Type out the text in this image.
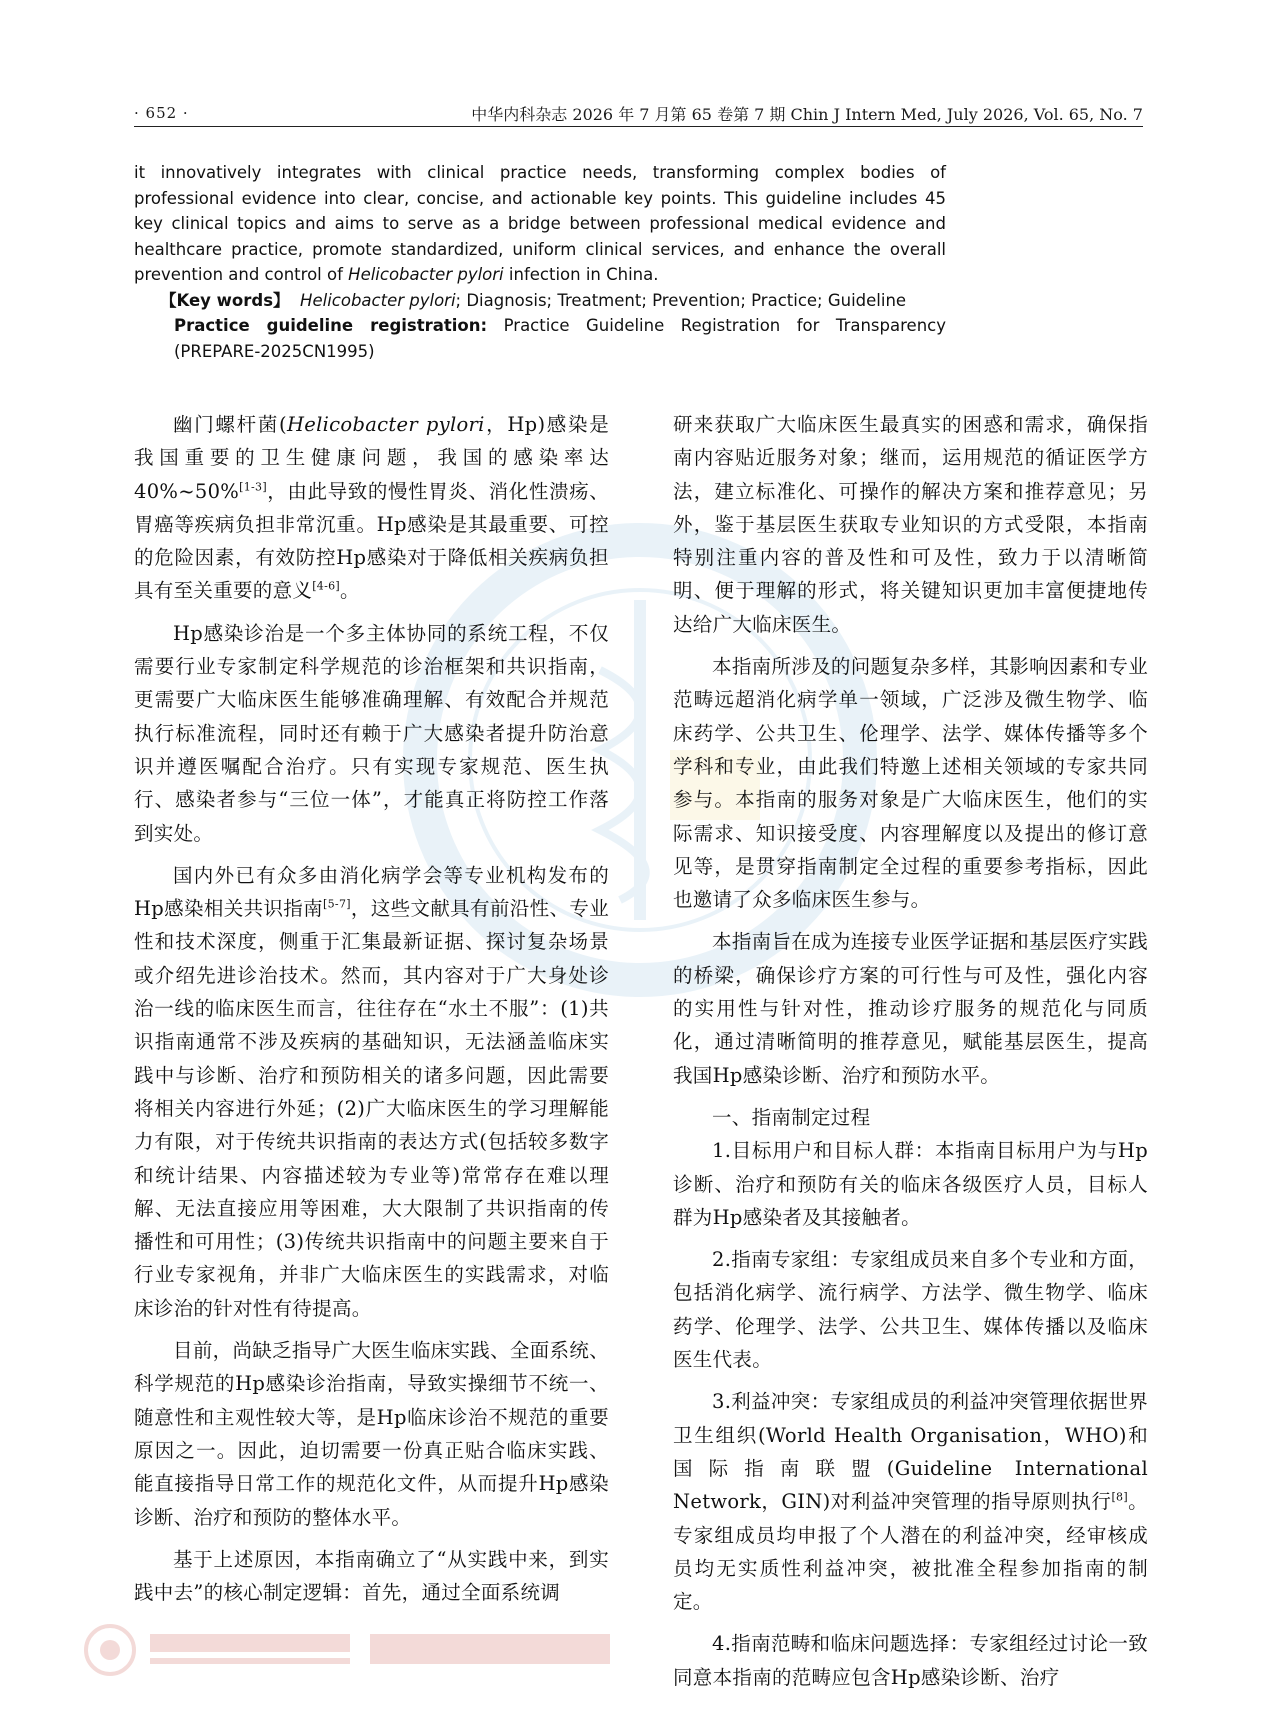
· 652 ·	中华内科杂志 2026 年 7 月第 65 卷第 7 期 Chin J Intern Med, July 2026, Vol. 65, No. 7

it innovatively integrates with clinical practice needs, transforming complex bodies of professional evidence into clear, concise, and actionable key points. This guideline includes 45 key clinical topics and aims to serve as a bridge between professional medical evidence and healthcare practice, promote standardized, uniform clinical services, and enhance the overall prevention and control of Helicobacter pylori infection in China.

【Key words】 Helicobacter pylori; Diagnosis; Treatment; Prevention; Practice; Guideline

Practice guideline registration: Practice Guideline Registration for Transparency (PREPARE-2025CN1995)

幽门螺杆菌(Helicobacter pylori，Hp)感染是我国重要的卫生健康问题，我国的感染率达40%~50%[1-3]，由此导致的慢性胃炎、消化性溃疡、胃癌等疾病负担非常沉重。Hp感染是其最重要、可控的危险因素，有效防控Hp感染对于降低相关疾病负担具有至关重要的意义[4-6]。

Hp感染诊治是一个多主体协同的系统工程，不仅需要行业专家制定科学规范的诊治框架和共识指南，更需要广大临床医生能够准确理解、有效配合并规范执行标准流程，同时还有赖于广大感染者提升防治意识并遵医嘱配合治疗。只有实现专家规范、医生执行、感染者参与“三位一体”，才能真正将防控工作落到实处。

国内外已有众多由消化病学会等专业机构发布的Hp感染相关共识指南[5-7]，这些文献具有前沿性、专业性和技术深度，侧重于汇集最新证据、探讨复杂场景或介绍先进诊治技术。然而，其内容对于广大身处诊治一线的临床医生而言，往往存在“水土不服”：(1)共识指南通常不涉及疾病的基础知识，无法涵盖临床实践中与诊断、治疗和预防相关的诸多问题，因此需要将相关内容进行外延；(2)广大临床医生的学习理解能力有限，对于传统共识指南的表达方式(包括较多数字和统计结果、内容描述较为专业等)常常存在难以理解、无法直接应用等困难，大大限制了共识指南的传播性和可用性；(3)传统共识指南中的问题主要来自于行业专家视角，并非广大临床医生的实践需求，对临床诊治的针对性有待提高。

目前，尚缺乏指导广大医生临床实践、全面系统、科学规范的Hp感染诊治指南，导致实操细节不统一、随意性和主观性较大等，是Hp临床诊治不规范的重要原因之一。因此，迫切需要一份真正贴合临床实践、能直接指导日常工作的规范化文件，从而提升Hp感染诊断、治疗和预防的整体水平。

基于上述原因，本指南确立了“从实践中来，到实践中去”的核心制定逻辑：首先，通过全面系统调

研来获取广大临床医生最真实的困惑和需求，确保指南内容贴近服务对象；继而，运用规范的循证医学方法，建立标准化、可操作的解决方案和推荐意见；另外，鉴于基层医生获取专业知识的方式受限，本指南特别注重内容的普及性和可及性，致力于以清晰简明、便于理解的形式，将关键知识更加丰富便捷地传达给广大临床医生。

本指南所涉及的问题复杂多样，其影响因素和专业范畴远超消化病学单一领域，广泛涉及微生物学、临床药学、公共卫生、伦理学、法学、媒体传播等多个学科和专业，由此我们特邀上述相关领域的专家共同参与。本指南的服务对象是广大临床医生，他们的实际需求、知识接受度、内容理解度以及提出的修订意见等，是贯穿指南制定全过程的重要参考指标，因此也邀请了众多临床医生参与。

本指南旨在成为连接专业医学证据和基层医疗实践的桥梁，确保诊疗方案的可行性与可及性，强化内容的实用性与针对性，推动诊疗服务的规范化与同质化，通过清晰简明的推荐意见，赋能基层医生，提高我国Hp感染诊断、治疗和预防水平。

一、指南制定过程

1.目标用户和目标人群：本指南目标用户为与Hp诊断、治疗和预防有关的临床各级医疗人员，目标人群为Hp感染者及其接触者。

2.指南专家组：专家组成员来自多个专业和方面，包括消化病学、流行病学、方法学、微生物学、临床药学、伦理学、法学、公共卫生、媒体传播以及临床医生代表。

3.利益冲突：专家组成员的利益冲突管理依据世界卫生组织(World Health Organisation，WHO)和国际指南联盟(Guideline International Network，GIN)对利益冲突管理的指导原则执行[8]。专家组成员均申报了个人潜在的利益冲突，经审核成员均无实质性利益冲突，被批准全程参加指南的制定。

4.指南范畴和临床问题选择：专家组经过讨论一致同意本指南的范畴应包含Hp感染诊断、治疗
